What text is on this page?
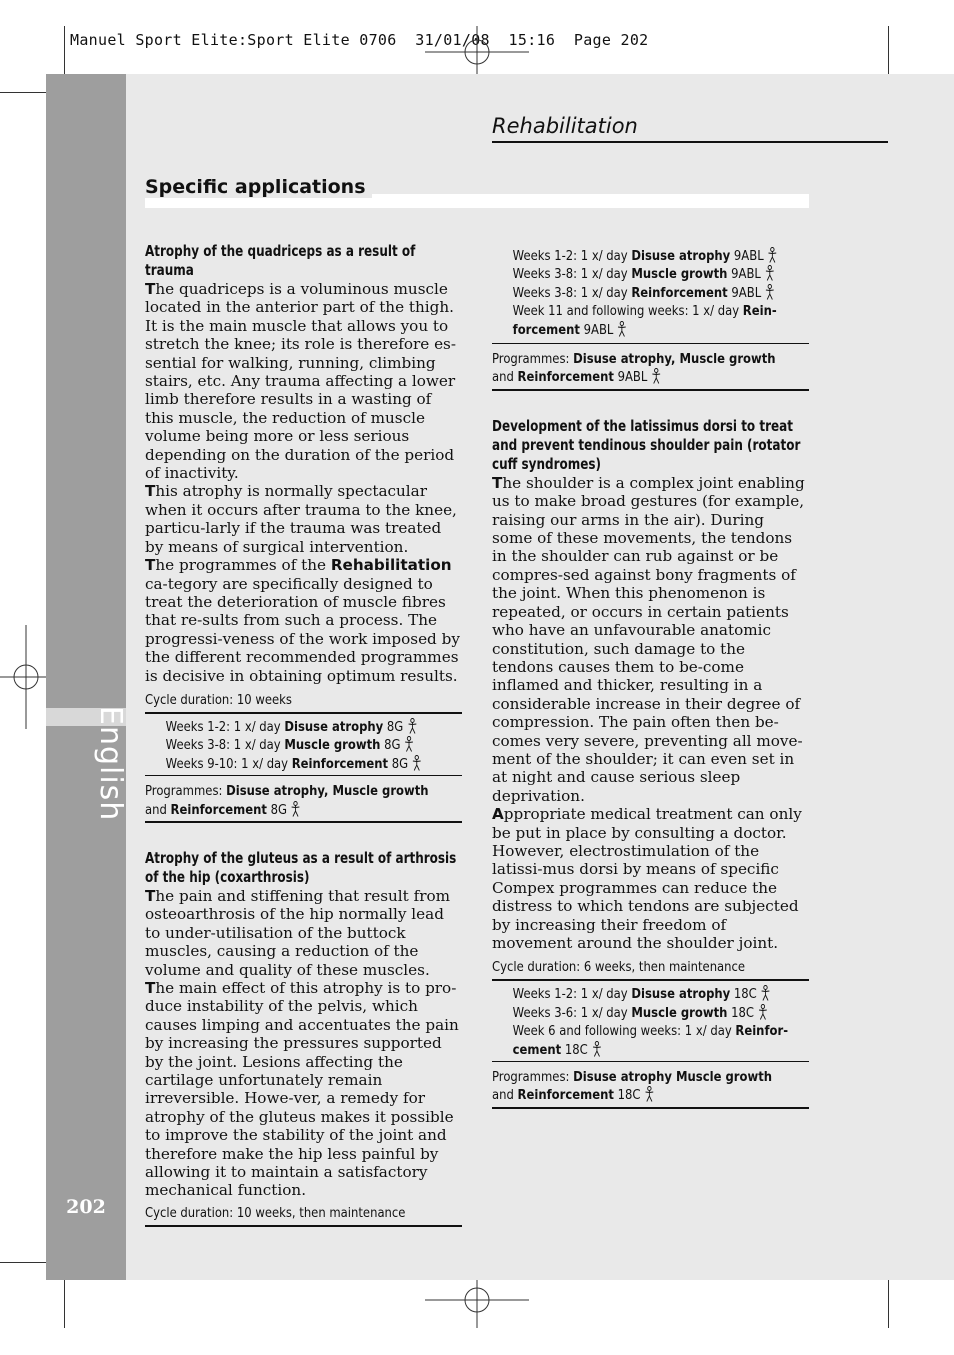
Manuel Sport Elite:Sport Elite 0706  31/01/08  15:16  Page 202
English
202
Rehabilitation
Specific applications

Atrophy of the quadriceps as a result of trauma

The quadriceps is a voluminous muscle located in the anterior part of the thigh. It is the main muscle that allows you to stretch the knee; its role is therefore es-sential for walking, running, climbing stairs, etc. Any trauma affecting a lower limb therefore results in a wasting of this muscle, the reduction of muscle volume being more or less serious depending on the duration of the period of inactivity.

This atrophy is normally spectacular when it occurs after trauma to the knee, particu-larly if the trauma was treated by means of surgical intervention.

The programmes of the Rehabilitation ca-tegory are specifically designed to treat the deterioration of muscle fibres that re-sults from such a process. The progressi-veness of the work imposed by the different recommended programmes is decisive in obtaining optimum results.

Cycle duration: 10 weeks
Weeks 1-2: 1 x/ day Disuse atrophy 8G
Weeks 3-8: 1 x/ day Muscle growth 8G
Weeks 9-10: 1 x/ day Reinforcement 8G
Programmes: Disuse atrophy, Muscle growth
and Reinforcement 8G

Atrophy of the gluteus as a result of arthrosis of the hip (coxarthrosis)

The pain and stiffening that result from osteoarthrosis of the hip normally lead to under-utilisation of the buttock muscles, causing a reduction of the volume and quality of these muscles.

The main effect of this atrophy is to pro-duce instability of the pelvis, which causes limping and accentuates the pain by increasing the pressures supported by the joint. Lesions affecting the cartilage unfortunately remain irreversible. Howe-ver, a remedy for atrophy of the gluteus makes it possible to improve the stability of the joint and therefore make the hip less painful by allowing it to maintain a satisfactory mechanical function.

Cycle duration: 10 weeks, then maintenance
Weeks 1-2: 1 x/ day Disuse atrophy 9ABL
Weeks 3-8: 1 x/ day Muscle growth 9ABL
Weeks 3-8: 1 x/ day Reinforcement 9ABL
Week 11 and following weeks: 1 x/ day Rein-forcement 9ABL
Programmes: Disuse atrophy, Muscle growth
and Reinforcement 9ABL

Development of the latissimus dorsi to treat and prevent tendinous shoulder pain (rotator cuff syndromes)

The shoulder is a complex joint enabling us to make broad gestures (for example, raising our arms in the air). During some of these movements, the tendons in the shoulder can rub against or be compres-sed against bony fragments of the joint. When this phenomenon is repeated, or occurs in certain patients who have an unfavourable anatomic constitution, such damage to the tendons causes them to be-come inflamed and thicker, resulting in a considerable increase in their degree of compression. The pain often then be-comes very severe, preventing all move-ment of the shoulder; it can even set in at night and cause serious sleep deprivation.

Appropriate medical treatment can only be put in place by consulting a doctor. However, electrostimulation of the latissi-mus dorsi by means of specific Compex programmes can reduce the distress to which tendons are subjected by increasing their freedom of movement around the shoulder joint.

Cycle duration: 6 weeks, then maintenance
Weeks 1-2: 1 x/ day Disuse atrophy 18C
Weeks 3-6: 1 x/ day Muscle growth 18C
Week 6 and following weeks: 1 x/ day Reinfor-cement 18C
Programmes: Disuse atrophy Muscle growth
and Reinforcement 18C
